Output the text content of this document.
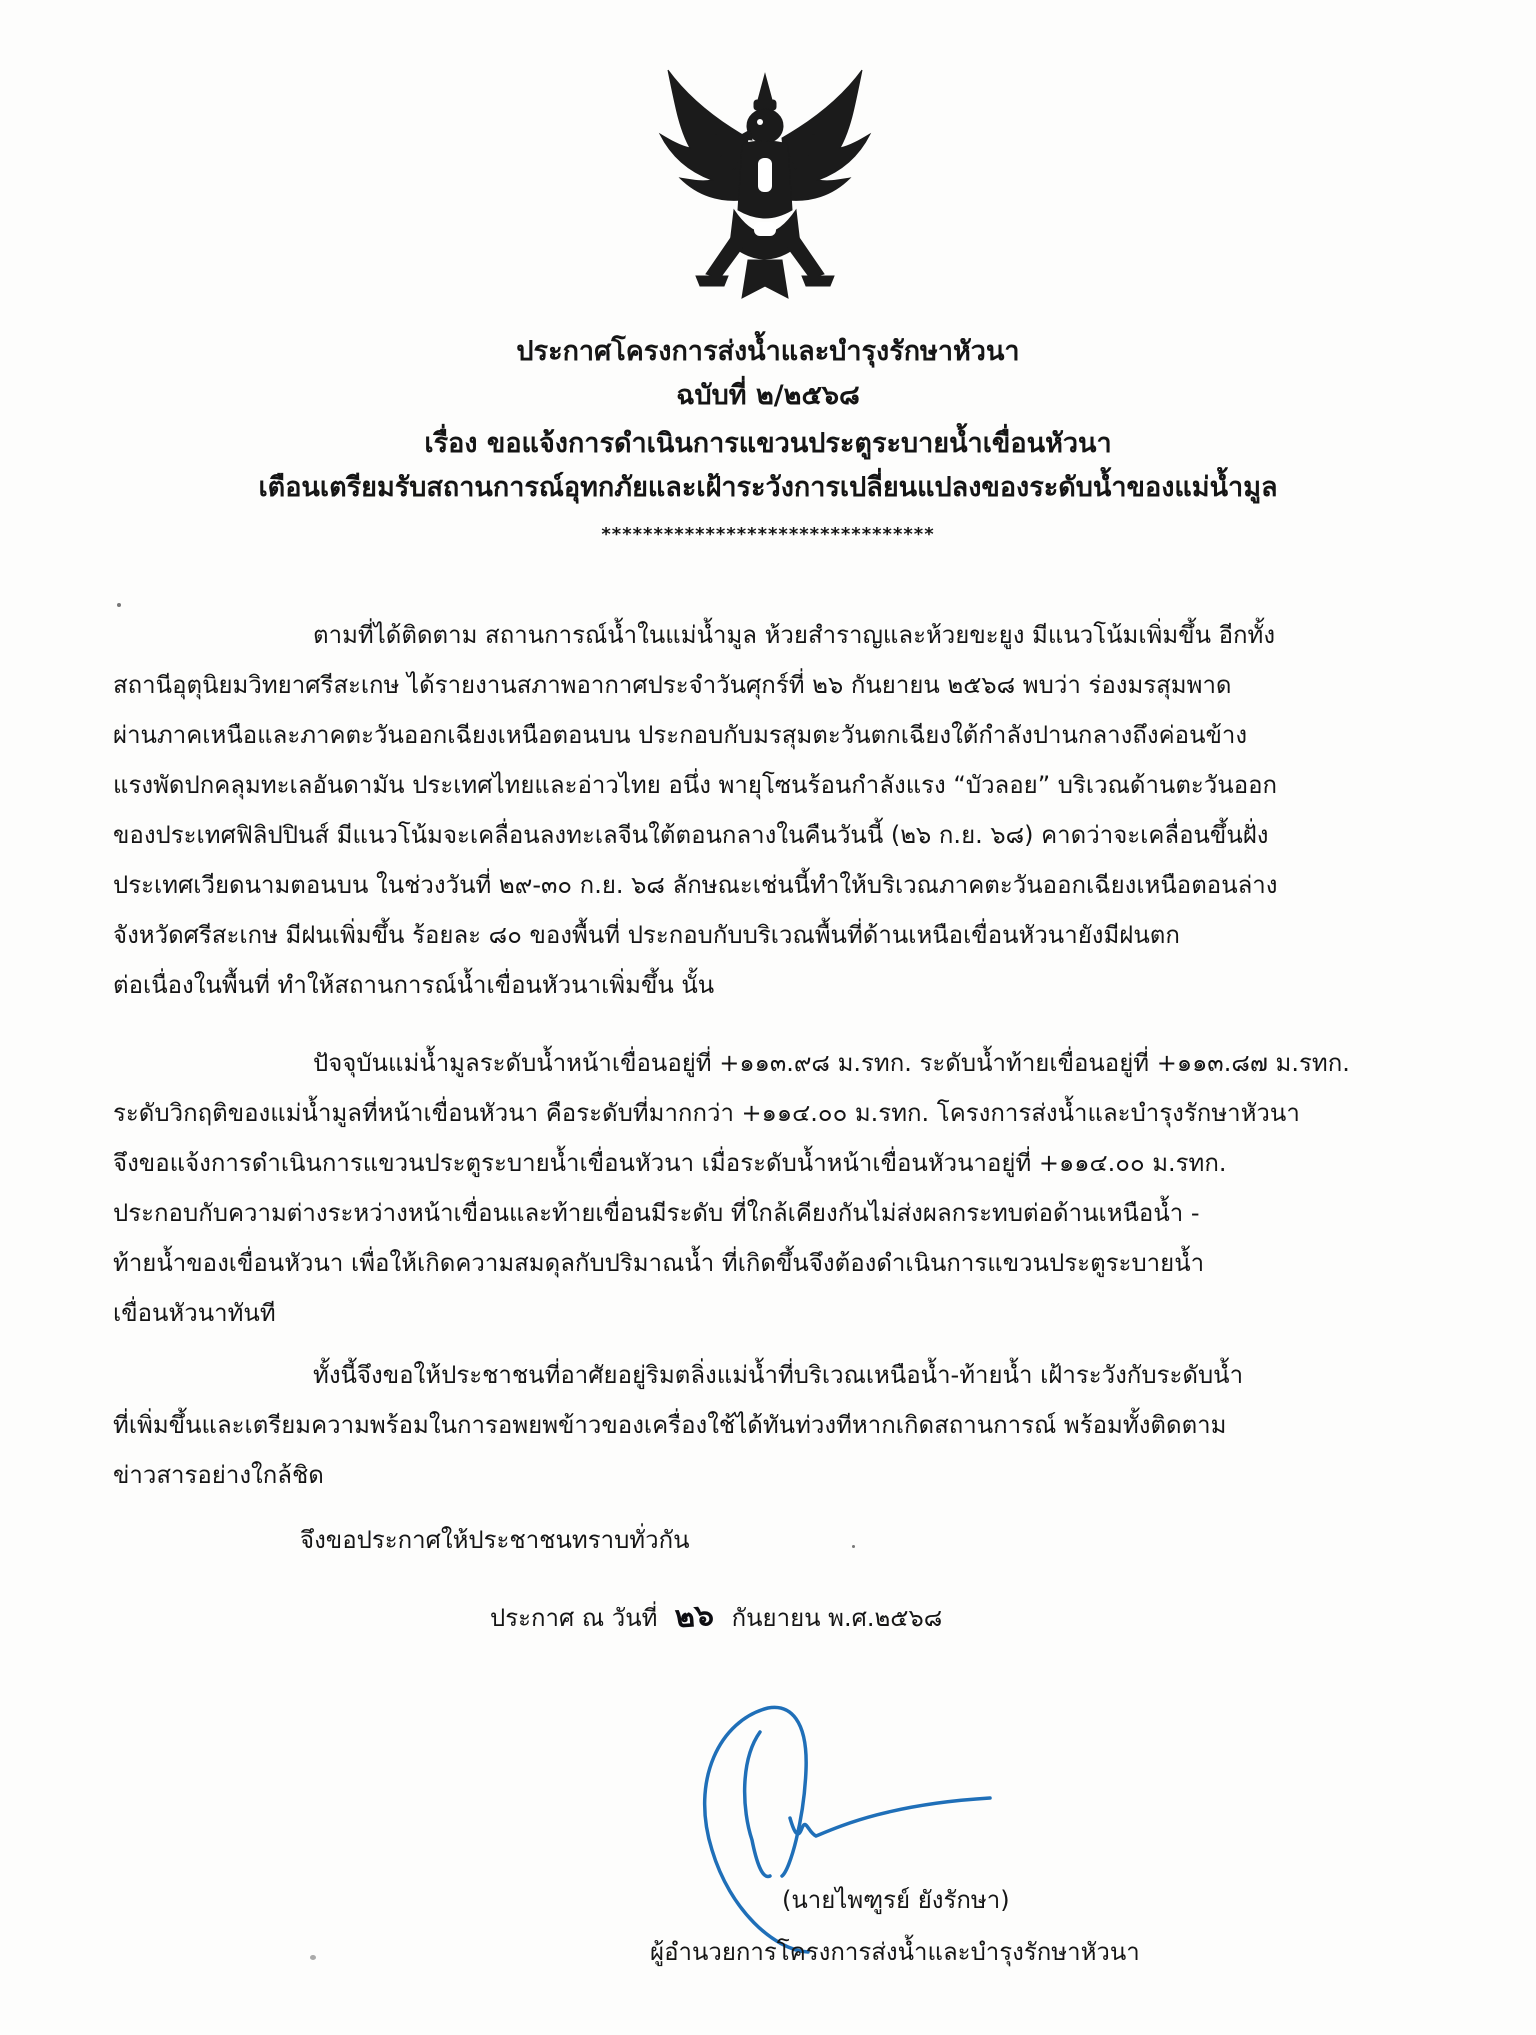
ประกาศโครงการส่งน้ำและบำรุงรักษาหัวนา
ฉบับที่ ๒/๒๕๖๘
เรื่อง ขอแจ้งการดำเนินการแขวนประตูระบายน้ำเขื่อนหัวนา
เตือนเตรียมรับสถานการณ์อุทกภัยและเฝ้าระวังการเปลี่ยนแปลงของระดับน้ำของแม่น้ำมูล
********************************
ตามที่ได้ติดตาม สถานการณ์น้ำในแม่น้ำมูล ห้วยสำราญและห้วยขะยูง มีแนวโน้มเพิ่มขึ้น อีกทั้ง
สถานีอุตุนิยมวิทยาศรีสะเกษ ได้รายงานสภาพอากาศประจำวันศุกร์ที่ ๒๖ กันยายน ๒๕๖๘ พบว่า ร่องมรสุมพาด
ผ่านภาคเหนือและภาคตะวันออกเฉียงเหนือตอนบน ประกอบกับมรสุมตะวันตกเฉียงใต้กำลังปานกลางถึงค่อนข้าง
แรงพัดปกคลุมทะเลอันดามัน ประเทศไทยและอ่าวไทย อนึ่ง พายุโซนร้อนกำลังแรง “บัวลอย” บริเวณด้านตะวันออก
ของประเทศฟิลิปปินส์ มีแนวโน้มจะเคลื่อนลงทะเลจีนใต้ตอนกลางในคืนวันนี้ (๒๖ ก.ย. ๖๘) คาดว่าจะเคลื่อนขึ้นฝั่ง
ประเทศเวียดนามตอนบน ในช่วงวันที่ ๒๙-๓๐ ก.ย. ๖๘ ลักษณะเช่นนี้ทำให้บริเวณภาคตะวันออกเฉียงเหนือตอนล่าง
จังหวัดศรีสะเกษ มีฝนเพิ่มขึ้น ร้อยละ ๘๐ ของพื้นที่ ประกอบกับบริเวณพื้นที่ด้านเหนือเขื่อนหัวนายังมีฝนตก
ต่อเนื่องในพื้นที่ ทำให้สถานการณ์น้ำเขื่อนหัวนาเพิ่มขึ้น นั้น
ปัจจุบันแม่น้ำมูลระดับน้ำหน้าเขื่อนอยู่ที่ +๑๑๓.๙๘ ม.รทก. ระดับน้ำท้ายเขื่อนอยู่ที่ +๑๑๓.๘๗ ม.รทก.
ระดับวิกฤติของแม่น้ำมูลที่หน้าเขื่อนหัวนา คือระดับที่มากกว่า +๑๑๔.๐๐ ม.รทก. โครงการส่งน้ำและบำรุงรักษาหัวนา
จึงขอแจ้งการดำเนินการแขวนประตูระบายน้ำเขื่อนหัวนา เมื่อระดับน้ำหน้าเขื่อนหัวนาอยู่ที่ +๑๑๔.๐๐ ม.รทก.
ประกอบกับความต่างระหว่างหน้าเขื่อนและท้ายเขื่อนมีระดับ ที่ใกล้เคียงกันไม่ส่งผลกระทบต่อด้านเหนือน้ำ -
ท้ายน้ำของเขื่อนหัวนา เพื่อให้เกิดความสมดุลกับปริมาณน้ำ ที่เกิดขึ้นจึงต้องดำเนินการแขวนประตูระบายน้ำ
เขื่อนหัวนาทันที
ทั้งนี้จึงขอให้ประชาชนที่อาศัยอยู่ริมตลิ่งแม่น้ำที่บริเวณเหนือน้ำ-ท้ายน้ำ เฝ้าระวังกับระดับน้ำ
ที่เพิ่มขึ้นและเตรียมความพร้อมในการอพยพข้าวของเครื่องใช้ได้ทันท่วงทีหากเกิดสถานการณ์ พร้อมทั้งติดตาม
ข่าวสารอย่างใกล้ชิด
จึงขอประกาศให้ประชาชนทราบทั่วกัน
ประกาศ ณ วันที่ ๒๖ กันยายน พ.ศ.๒๕๖๘
(นายไพฑูรย์ ยังรักษา)
ผู้อำนวยการโครงการส่งน้ำและบำรุงรักษาหัวนา
